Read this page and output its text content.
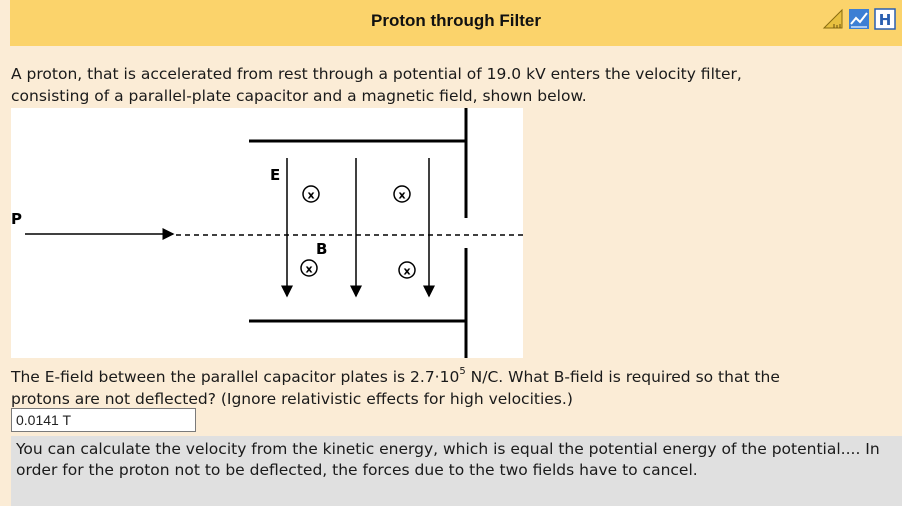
Proton through Filter	H
A proton, that is accelerated from rest through a potential of 19.0 kV enters the velocity filter,
consisting of a parallel-plate capacitor and a magnetic field, shown below.
x	x
x	x
P
E
B
The E-field between the parallel capacitor plates is $2.7\cdot 10^5$ N/C. What B-field is required so that the
protons are not deflected? (Ignore relativistic effects for high velocities.)
0.0141 T
You can calculate the velocity from the kinetic energy, which is equal the potential energy of the potential.... In order for the proton not to be deflected, the forces due to the two fields have to cancel.
